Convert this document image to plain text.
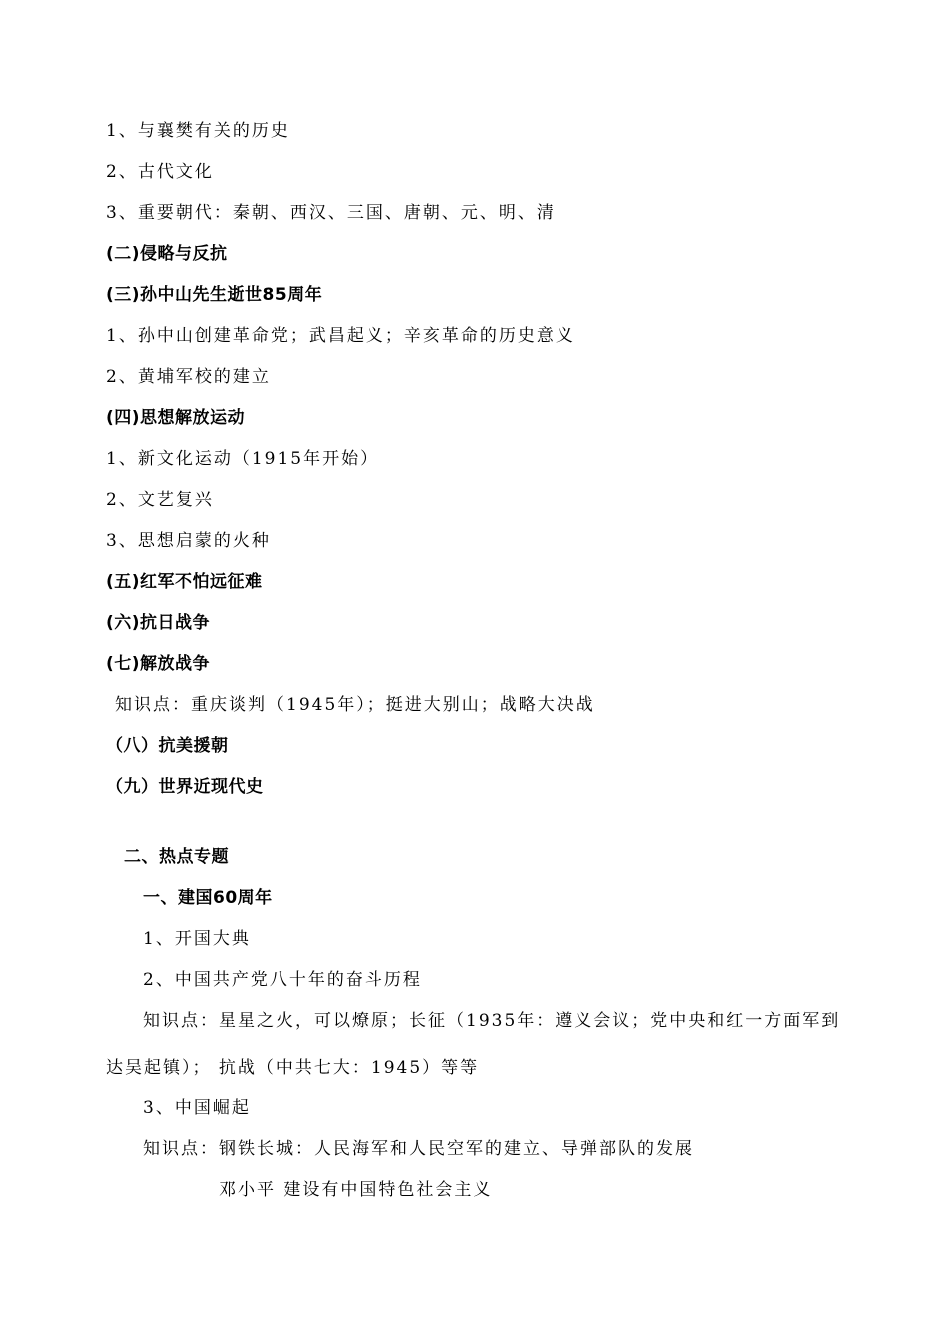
1、与襄樊有关的历史
2、古代文化
3、重要朝代：秦朝、西汉、三国、唐朝、元、明、清
(二)侵略与反抗
(三)孙中山先生逝世85周年
1、孙中山创建革命党；武昌起义；辛亥革命的历史意义
2、黄埔军校的建立
(四)思想解放运动
1、新文化运动（1915年开始）
2、文艺复兴
3、思想启蒙的火种
(五)红军不怕远征难
(六)抗日战争
(七)解放战争
知识点：重庆谈判（1945年）；挺进大别山；战略大决战
（八）抗美援朝
（九）世界近现代史
二、热点专题
一、建国60周年
1、开国大典
2、中国共产党八十年的奋斗历程
知识点：星星之火，可以燎原；长征（1935年：遵义会议；党中央和红一方面军到
达吴起镇）； 抗战（中共七大：1945）等等
3、中国崛起
知识点：钢铁长城：人民海军和人民空军的建立、导弹部队的发展
邓小平 建设有中国特色社会主义
